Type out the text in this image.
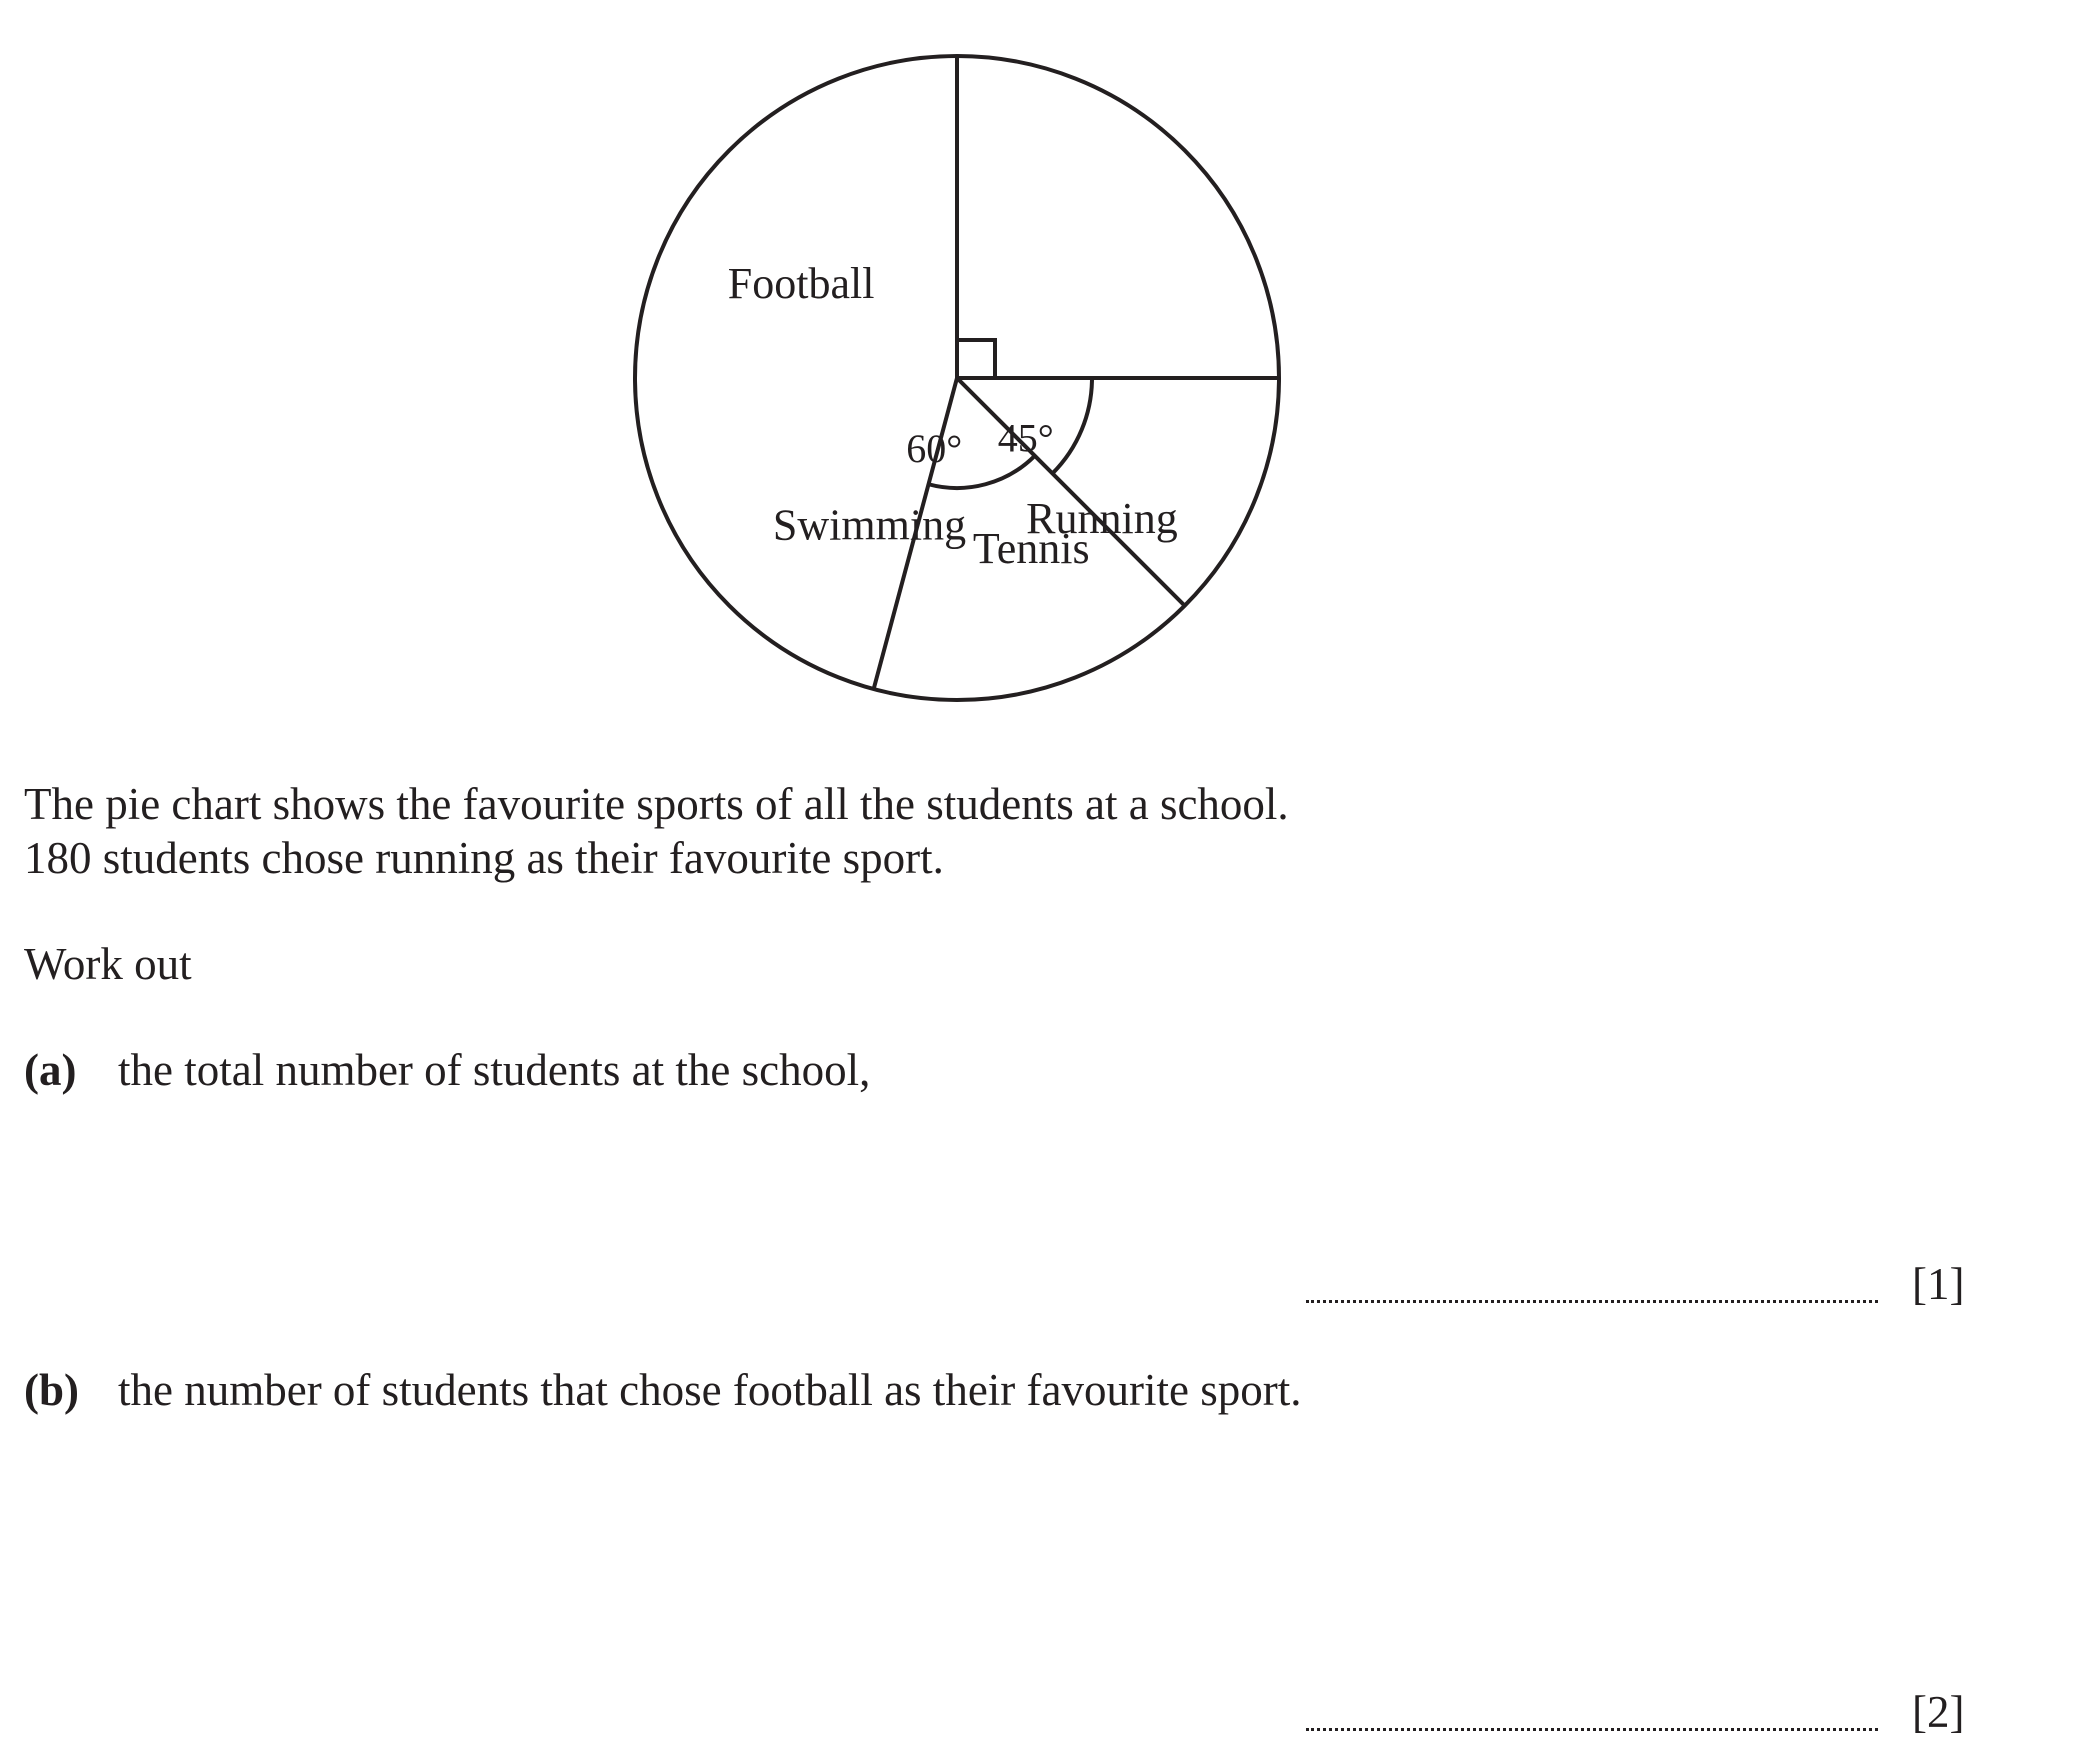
Running
Tennis
Swimming
Football
45°
60°
The pie chart shows the favourite sports of all the students at a school.
180 students chose running as their favourite sport.
Work out
(a) the total number of students at the school,
[1]
(b) the number of students that chose football as their favourite sport.
[2]
